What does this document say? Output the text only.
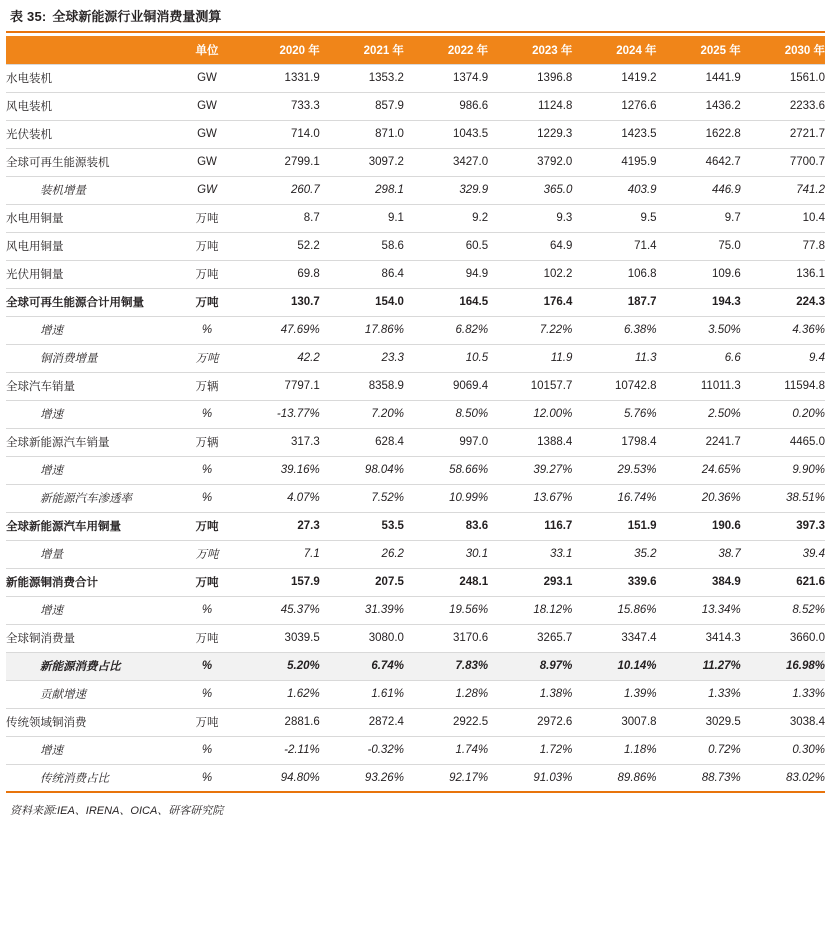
表 35: 全球新能源行业铜消费量测算
	单位	2020 年	2021 年	2022 年	2023 年	2024 年	2025 年	2030 年
水电装机	GW	1331.9	1353.2	1374.9	1396.8	1419.2	1441.9	1561.0
风电装机	GW	733.3	857.9	986.6	1124.8	1276.6	1436.2	2233.6
光伏装机	GW	714.0	871.0	1043.5	1229.3	1423.5	1622.8	2721.7
全球可再生能源装机	GW	2799.1	3097.2	3427.0	3792.0	4195.9	4642.7	7700.7
装机增量	GW	260.7	298.1	329.9	365.0	403.9	446.9	741.2
水电用铜量	万吨	8.7	9.1	9.2	9.3	9.5	9.7	10.4
风电用铜量	万吨	52.2	58.6	60.5	64.9	71.4	75.0	77.8
光伏用铜量	万吨	69.8	86.4	94.9	102.2	106.8	109.6	136.1
全球可再生能源合计用铜量	万吨	130.7	154.0	164.5	176.4	187.7	194.3	224.3
增速	%	47.69%	17.86%	6.82%	7.22%	6.38%	3.50%	4.36%
铜消费增量	万吨	42.2	23.3	10.5	11.9	11.3	6.6	9.4
全球汽车销量	万辆	7797.1	8358.9	9069.4	10157.7	10742.8	11011.3	11594.8
增速	%	-13.77%	7.20%	8.50%	12.00%	5.76%	2.50%	0.20%
全球新能源汽车销量	万辆	317.3	628.4	997.0	1388.4	1798.4	2241.7	4465.0
增速	%	39.16%	98.04%	58.66%	39.27%	29.53%	24.65%	9.90%
新能源汽车渗透率	%	4.07%	7.52%	10.99%	13.67%	16.74%	20.36%	38.51%
全球新能源汽车用铜量	万吨	27.3	53.5	83.6	116.7	151.9	190.6	397.3
增量	万吨	7.1	26.2	30.1	33.1	35.2	38.7	39.4
新能源铜消费合计	万吨	157.9	207.5	248.1	293.1	339.6	384.9	621.6
增速	%	45.37%	31.39%	19.56%	18.12%	15.86%	13.34%	8.52%
全球铜消费量	万吨	3039.5	3080.0	3170.6	3265.7	3347.4	3414.3	3660.0
新能源消费占比	%	5.20%	6.74%	7.83%	8.97%	10.14%	11.27%	16.98%
贡献增速	%	1.62%	1.61%	1.28%	1.38%	1.39%	1.33%	1.33%
传统领域铜消费	万吨	2881.6	2872.4	2922.5	2972.6	3007.8	3029.5	3038.4
增速	%	-2.11%	-0.32%	1.74%	1.72%	1.18%	0.72%	0.30%
传统消费占比	%	94.80%	93.26%	92.17%	91.03%	89.86%	88.73%	83.02%
资料来源:IEA、IRENA、OICA、研客研究院
